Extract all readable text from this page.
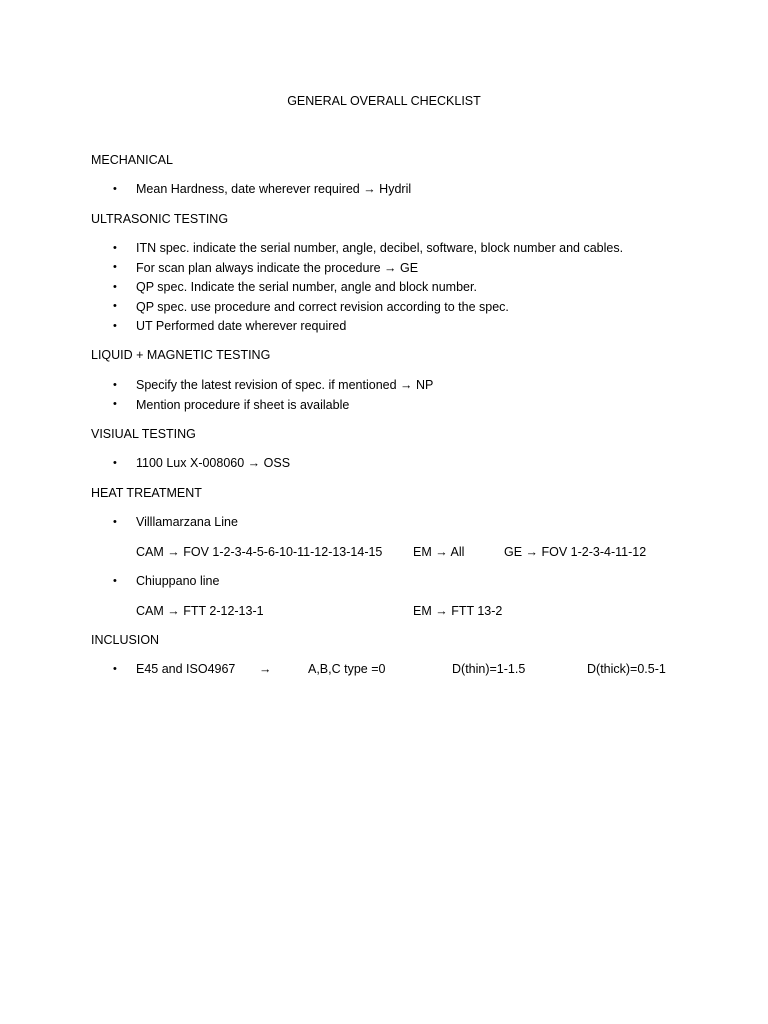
GENERAL OVERALL CHECKLIST
MECHANICAL
• Mean Hardness, date wherever required → Hydril
ULTRASONIC TESTING
• ITN spec. indicate the serial number, angle, decibel, software, block number and cables.
• For scan plan always indicate the procedure → GE
• QP spec. Indicate the serial number, angle and block number.
• QP spec. use procedure and correct revision according to the spec.
• UT Performed date wherever required
LIQUID + MAGNETIC TESTING
• Specify the latest revision of spec. if mentioned → NP
• Mention procedure if sheet is available
VISIUAL TESTING
• 1100 Lux X-008060 → OSS
HEAT TREATMENT
• Villlamarzana Line
CAM → FOV 1-2-3-4-5-6-10-11-12-13-14-15 EM → All	GE → FOV 1-2-3-4-11-12
• Chiuppano line
CAM → FTT 2-12-13-1	EM → FTT 13-2
INCLUSION
• E45 and ISO4967 →	A,B,C type =0	D(thin)=1-1.5	D(thick)=0.5-1
